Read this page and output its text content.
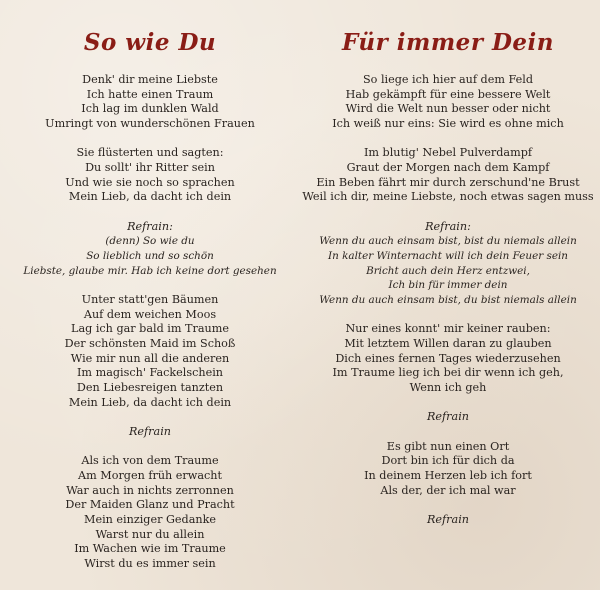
So wie Du
Denk' dir meine Liebste
Ich hatte einen Traum
Ich lag im dunklen Wald
Umringt von wunderschönen Frauen
Sie flüsterten und sagten:
Du sollt' ihr Ritter sein
Und wie sie noch so sprachen
Mein Lieb, da dacht ich dein
Refrain:
(denn) So wie du
So lieblich und so schön
Liebste, glaube mir. Hab ich keine dort gesehen
Unter statt'gen Bäumen
Auf dem weichen Moos
Lag ich gar bald im Traume
Der schönsten Maid im Schoß
Wie mir nun all die anderen
Im magisch' Fackelschein
Den Liebesreigen tanzten
Mein Lieb, da dacht ich dein
Refrain
Als ich von dem Traume
Am Morgen früh erwacht
War auch in nichts zerronnen
Der Maiden Glanz und Pracht
Mein einziger Gedanke
Warst nur du allein
Im Wachen wie im Traume
Wirst du es immer sein
Für immer Dein
So liege ich hier auf dem Feld
Hab gekämpft für eine bessere Welt
Wird die Welt nun besser oder nicht
Ich weiß nur eins: Sie wird es ohne mich
Im blutig' Nebel Pulverdampf
Graut der Morgen nach dem Kampf
Ein Beben fährt mir durch zerschund'ne Brust
Weil ich dir, meine Liebste, noch etwas sagen muss
Refrain:
Wenn du auch einsam bist, bist du niemals allein
In kalter Winternacht will ich dein Feuer sein
Bricht auch dein Herz entzwei,
Ich bin für immer dein
Wenn du auch einsam bist, du bist niemals allein
Nur eines konnt' mir keiner rauben:
Mit letztem Willen daran zu glauben
Dich eines fernen Tages wiederzusehen
Im Traume lieg ich bei dir wenn ich geh,
Wenn ich geh
Refrain
Es gibt nun einen Ort
Dort bin ich für dich da
In deinem Herzen leb ich fort
Als der, der ich mal war
Refrain
